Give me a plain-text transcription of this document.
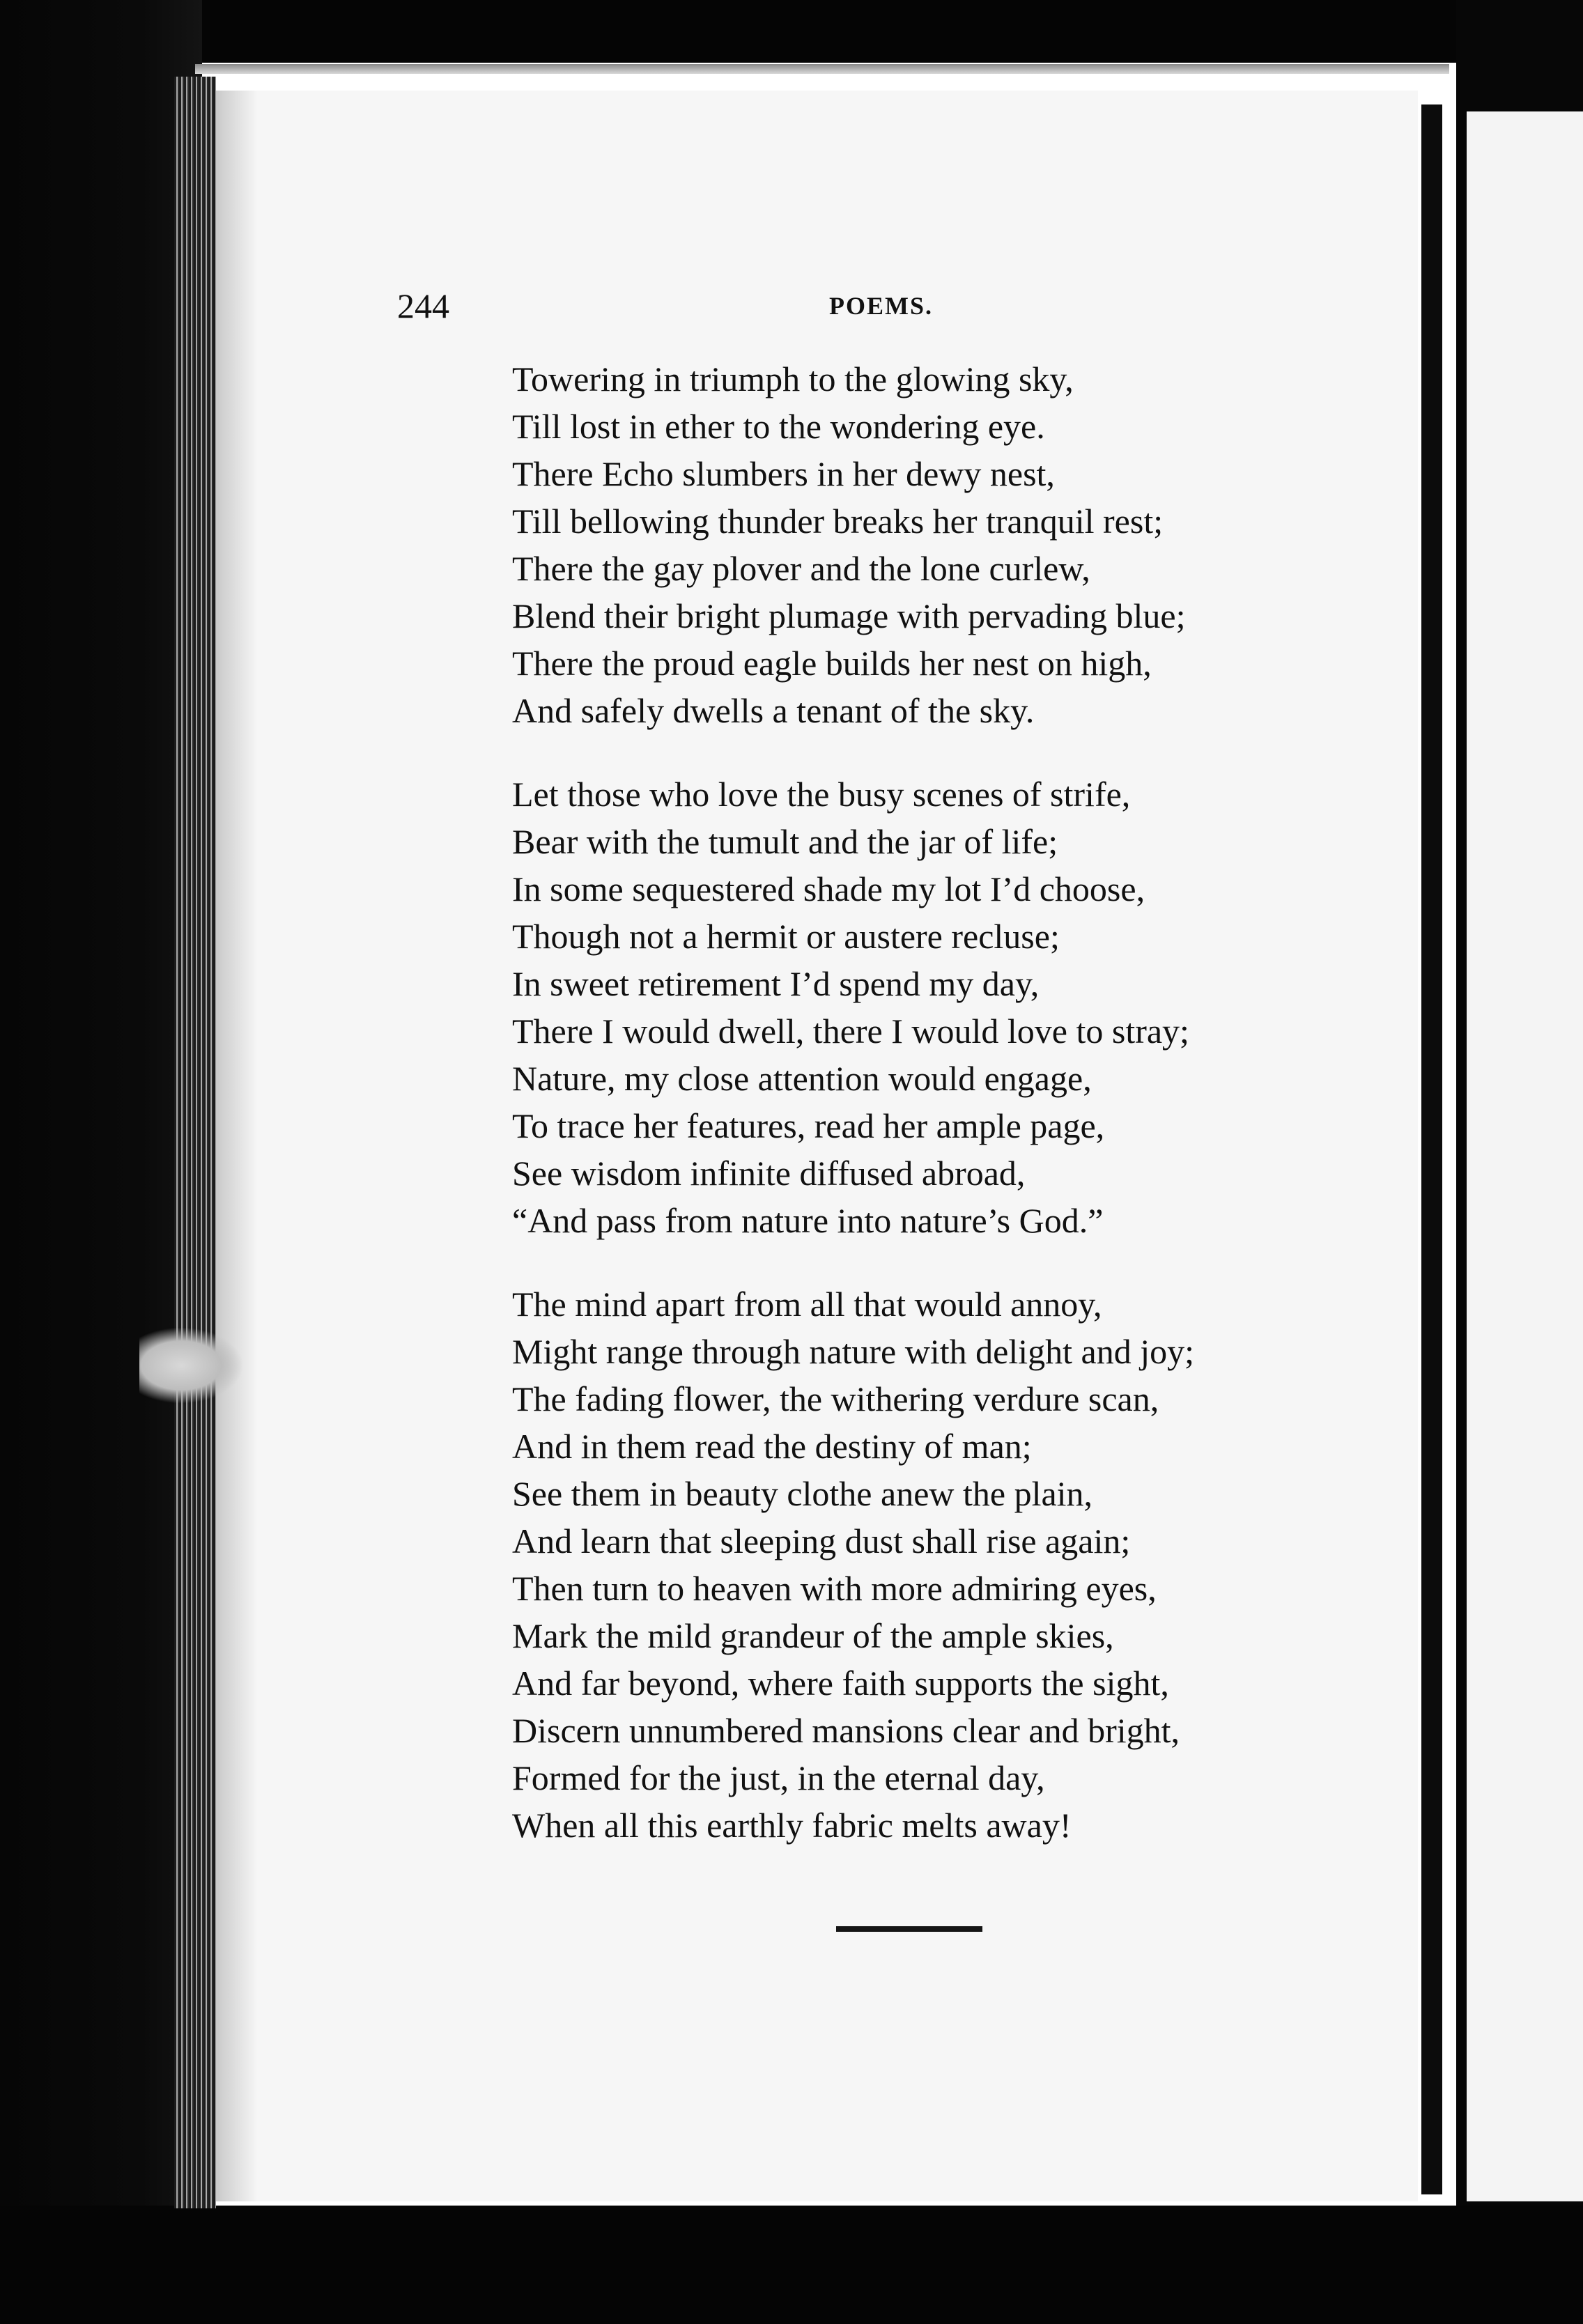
244	POEMS.
Towering in triumph to the glowing sky,
Till lost in ether to the wondering eye.
There Echo slumbers in her dewy nest,
Till bellowing thunder breaks her tranquil rest;
There the gay plover and the lone curlew,
Blend their bright plumage with pervading blue;
There the proud eagle builds her nest on high,
And safely dwells a tenant of the sky.
Let those who love the busy scenes of strife,
Bear with the tumult and the jar of life;
In some sequestered shade my lot I’d choose,
Though not a hermit or austere recluse;
In sweet retirement I’d spend my day,
There I would dwell, there I would love to stray;
Nature, my close attention would engage,
To trace her features, read her ample page,
See wisdom infinite diffused abroad,
“And pass from nature into nature’s God.”
The mind apart from all that would annoy,
Might range through nature with delight and joy;
The fading flower, the withering verdure scan,
And in them read the destiny of man;
See them in beauty clothe anew the plain,
And learn that sleeping dust shall rise again;
Then turn to heaven with more admiring eyes,
Mark the mild grandeur of the ample skies,
And far beyond, where faith supports the sight,
Discern unnumbered mansions clear and bright,
Formed for the just, in the eternal day,
When all this earthly fabric melts away!
